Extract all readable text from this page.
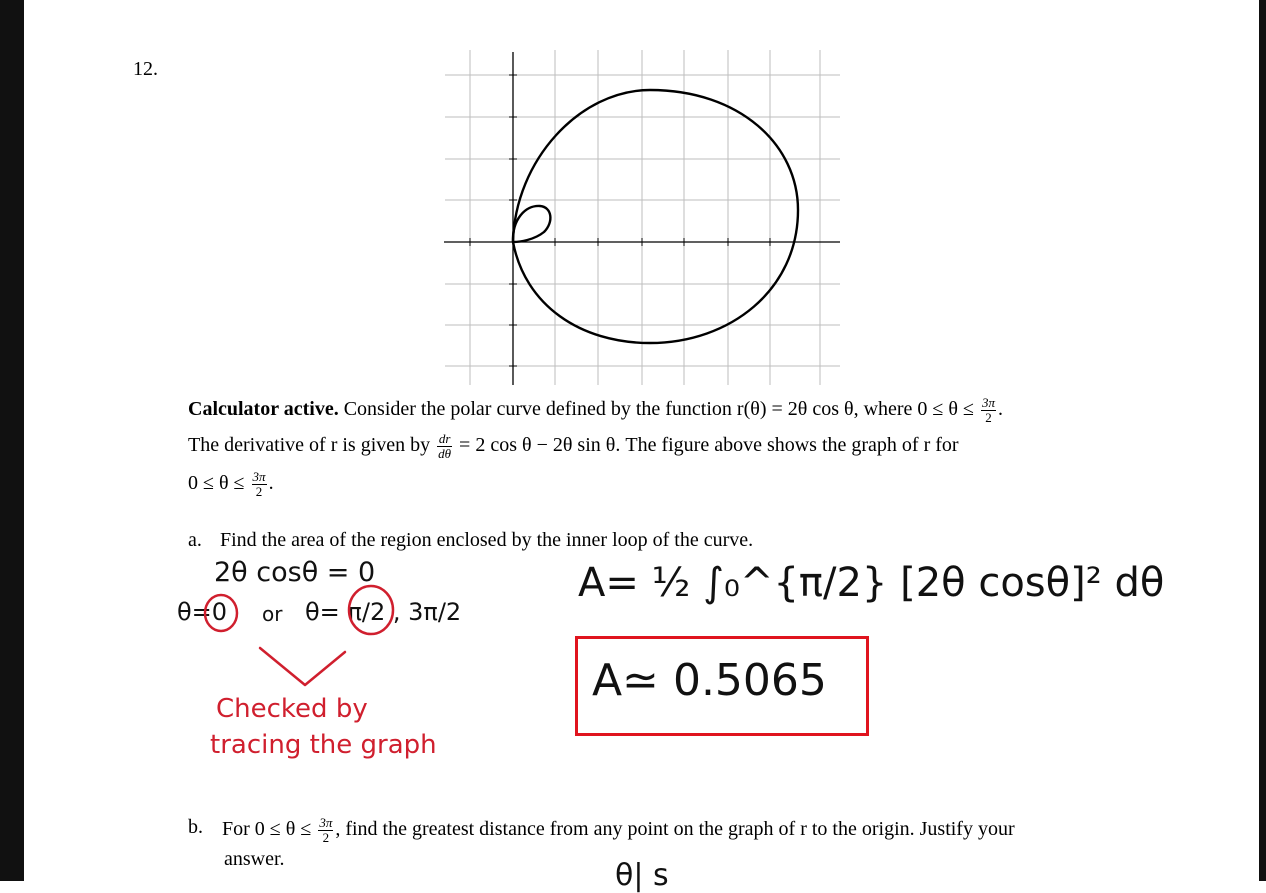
12.
Calculator active. Consider the polar curve defined by the function r(θ) = 2θ cos θ, where $0 \le \theta \le \frac{3\pi}{2}$ .
The derivative of r is given by $\frac{dr}{d\theta} = 2$ cos θ − 2θ sin θ. The figure above shows the graph of r for
$0 \le \theta \le \frac{3\pi}{2}$ .
a. Find the area of the region enclosed by the inner loop of the curve.
2θ cosθ = 0
θ=0 or θ= π/2 , 3π/2
Checked by
tracing the graph
A= ½ ∫₀^{π/2} [2θ cosθ]² dθ
A≃ 0.5065
b. For $0 \le \theta \le \frac{3\pi}{2}$ , find the greatest distance from any point on the graph of r to the origin. Justify your
answer.	θ| s
